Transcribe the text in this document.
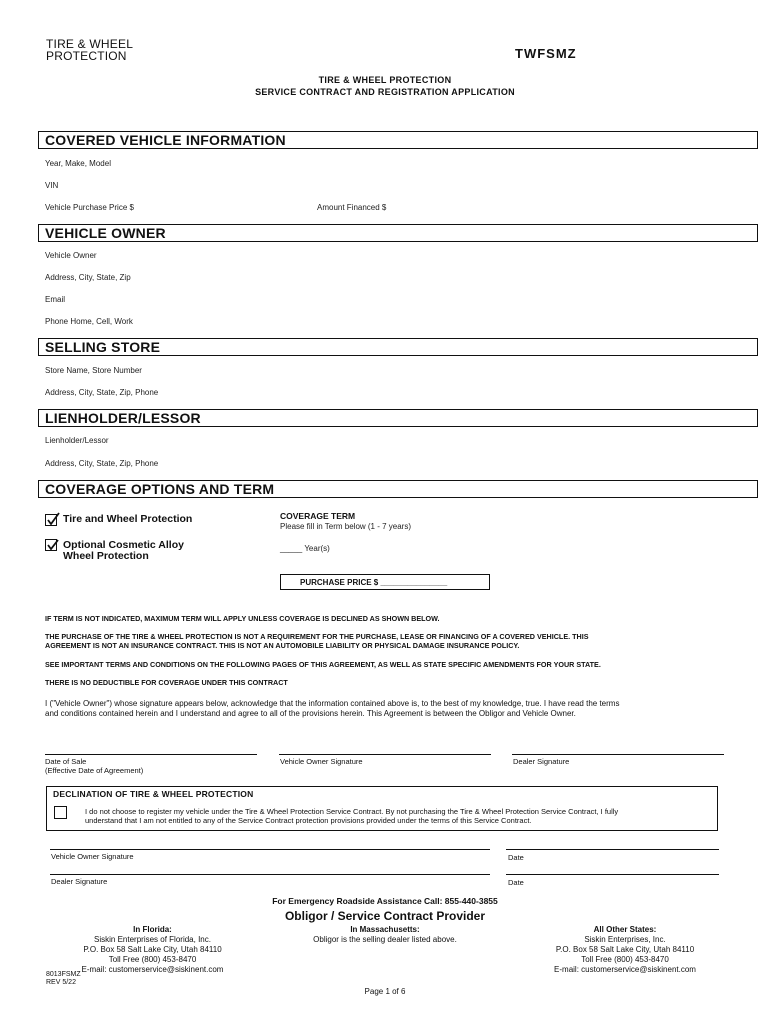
TIRE & WHEEL
PROTECTION	TWFSMZ
TIRE & WHEEL PROTECTION
SERVICE CONTRACT AND REGISTRATION APPLICATION
COVERED VEHICLE INFORMATION
Year, Make, Model
VIN
Vehicle Purchase Price $	Amount Financed $
VEHICLE OWNER
Vehicle Owner
Address, City, State, Zip
Email
Phone Home, Cell, Work
SELLING STORE
Store Name, Store Number
Address, City, State, Zip, Phone
LIENHOLDER/LESSOR
Lienholder/Lessor
Address, City, State, Zip, Phone
COVERAGE OPTIONS AND TERM
Tire and Wheel Protection
Optional Cosmetic Alloy
Wheel Protection
COVERAGE TERM
Please fill in Term below (1 - 7 years)
_____ Year(s)
PURCHASE PRICE $ _______________
IF TERM IS NOT INDICATED, MAXIMUM TERM WILL APPLY UNLESS COVERAGE IS DECLINED AS SHOWN BELOW.
THE PURCHASE OF THE TIRE & WHEEL PROTECTION IS NOT A REQUIREMENT FOR THE PURCHASE, LEASE OR FINANCING OF A COVERED VEHICLE. THIS
AGREEMENT IS NOT AN INSURANCE CONTRACT. THIS IS NOT AN AUTOMOBILE LIABILITY OR PHYSICAL DAMAGE INSURANCE POLICY.
SEE IMPORTANT TERMS AND CONDITIONS ON THE FOLLOWING PAGES OF THIS AGREEMENT, AS WELL AS STATE SPECIFIC AMENDMENTS FOR YOUR STATE.
THERE IS NO DEDUCTIBLE FOR COVERAGE UNDER THIS CONTRACT
I ("Vehicle Owner") whose signature appears below, acknowledge that the information contained above is, to the best of my knowledge, true. I have read the terms
and conditions contained herein and I understand and agree to all of the provisions herein. This Agreement is between the Obligor and Vehicle Owner.
Date of Sale
(Effective Date of Agreement)
Vehicle Owner Signature	Dealer Signature
DECLINATION OF TIRE & WHEEL PROTECTION
I do not choose to register my vehicle under the Tire & Wheel Protection Service Contract. By not purchasing the Tire & Wheel Protection Service Contract, I fully
understand that I am not entitled to any of the Service Contract protection provisions provided under the terms of this Service Contract.
Vehicle Owner Signature	Date
Dealer Signature	Date
For Emergency Roadside Assistance Call: 855-440-3855
Obligor / Service Contract Provider
In Florida:
Siskin Enterprises of Florida, Inc.
P.O. Box 58 Salt Lake City, Utah 84110
Toll Free (800) 453-8470
E-mail: customerservice@siskinent.com
In Massachusetts:
Obligor is the selling dealer listed above.
All Other States:
Siskin Enterprises, Inc.
P.O. Box 58 Salt Lake City, Utah 84110
Toll Free (800) 453-8470
E-mail: customerservice@siskinent.com
8013FSMZ
REV 5/22
Page 1 of 6
